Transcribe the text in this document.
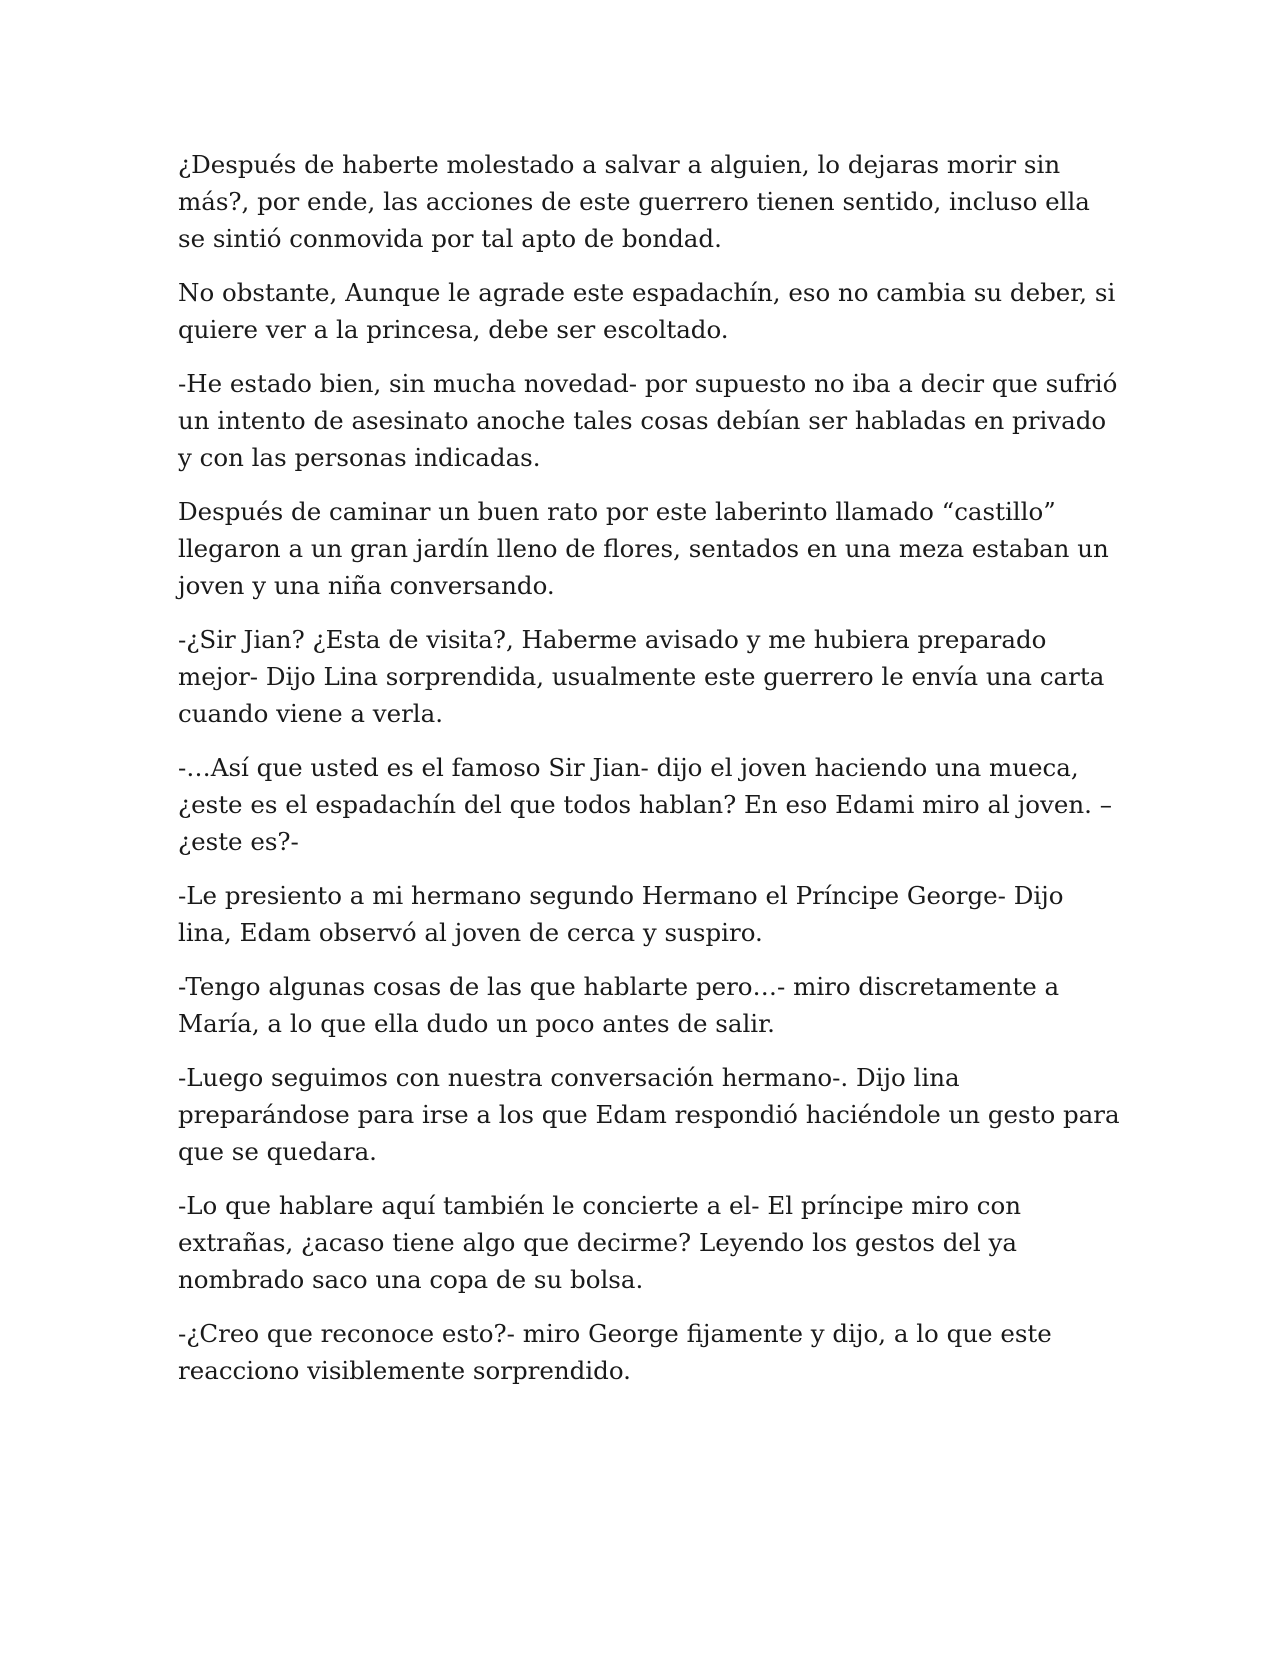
¿Después de haberte molestado a salvar a alguien, lo dejaras morir sin más?, por ende, las acciones de este guerrero tienen sentido, incluso ella se sintió conmovida por tal apto de bondad.

No obstante, Aunque le agrade este espadachín, eso no cambia su deber, si quiere ver a la princesa, debe ser escoltado.

-He estado bien, sin mucha novedad- por supuesto no iba a decir que sufrió un intento de asesinato anoche tales cosas debían ser habladas en privado y con las personas indicadas.

Después de caminar un buen rato por este laberinto llamado “castillo” llegaron a un gran jardín lleno de flores, sentados en una meza estaban un joven y una niña conversando.

-¿Sir Jian? ¿Esta de visita?, Haberme avisado y me hubiera preparado mejor- Dijo Lina sorprendida, usualmente este guerrero le envía una carta cuando viene a verla.

-…Así que usted es el famoso Sir Jian- dijo el joven haciendo una mueca, ¿este es el espadachín del que todos hablan? En eso Edami miro al joven. –¿este es?-

-Le presiento a mi hermano segundo Hermano el Príncipe George- Dijo lina, Edam observó al joven de cerca y suspiro.

-Tengo algunas cosas de las que hablarte pero…- miro discretamente a María, a lo que ella dudo un poco antes de salir.

-Luego seguimos con nuestra conversación hermano-. Dijo lina preparándose para irse a los que Edam respondió haciéndole un gesto para que se quedara.

-Lo que hablare aquí también le concierte a el- El príncipe miro con extrañas, ¿acaso tiene algo que decirme? Leyendo los gestos del ya nombrado saco una copa de su bolsa.

-¿Creo que reconoce esto?- miro George fijamente y dijo, a lo que este reacciono visiblemente sorprendido.
